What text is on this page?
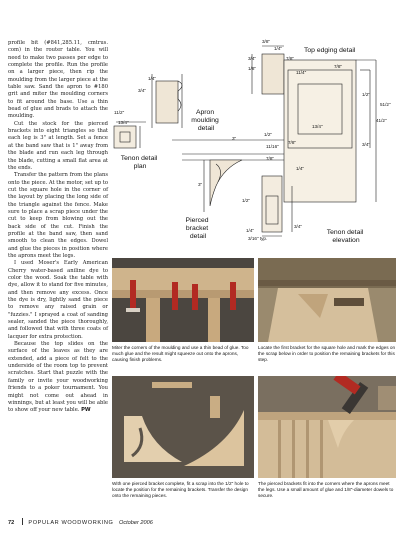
profile bit (#841,285.11, cmtrus. com) in the router table. You will need to make two passes per edge to complete the profile. Run the profile on a larger piece, then rip the moulding from the larger piece at the table saw. Sand the apron to #180 grit and miter the moulding corners to fit around the base. Use a thin bead of glue and brads to attach the moulding.

Cut the stock for the pierced brackets into eight triangles so that each leg is 3" at length. Set a fence at the band saw that is 1" away from the blade and run each leg through the blade, cutting a small flat area at the ends.

Transfer the pattern from the plans onto the piece. At the motor, set up to cut the square hole in the corner of the layout by placing the long side of the triangle against the fence. Make sure to place a scrap piece under the cut to keep from blowing out the back side of the cut. Finish the profile at the band saw, then sand smooth to clean the edges. Dowel and glue the pieces in position where the aprons meet the legs.

I used Moser's Early American Cherry water-based aniline dye to color the wood. Soak the table with dye, allow it to stand for five minutes, and then remove any excess. Once the dye is dry, lightly sand the piece to remove any raised grain or "fuzzies." I sprayed a coat of sanding sealer, sanded the piece thoroughly, and followed that with three coats of lacquer for extra protection.

Because the top slides on the surface of the leaves as they are extended, add a piece of felt to the underside of the room top to prevent scratches. Start that puzzle with the family or invite your woodworking friends to a poker tournament. You might not come out ahead in winnings, but at least you will be able to show off your new table. PW

Top edging detail
Apron moulding detail
Tenon detail plan
Pierced bracket detail
Tenon detail elevation
3/8"
1/4"
3/4"	7/8"
1/8"	7/8"
1/4"
3/4"
13/4"
11/2"
41/2"
51/2"
1/2"
3/4"
1/2"
3"
13/4"
11/16"
7/8"
3"
11/4"
7/8"
1/4"
1/4"
3/4"
1/2"
3/16" typ.
Miter the corners of the moulding and use a thin bead of glue. Too much glue and the result might squeeze out onto the aprons, causing finish problems.
Locate the first bracket for the square hole and mark the edges on the scrap below in order to position the remaining brackets for this step.
With one pierced bracket complete, fit a scrap into the 1/2" hole to locate the position for the remaining brackets. Transfer the design onto the remaining pieces.
The pierced brackets fit into the corners where the aprons meet the legs. Use a small amount of glue and 1/8"-diameter dowels to secure.
72	POPULAR WOODWORKING October 2006
